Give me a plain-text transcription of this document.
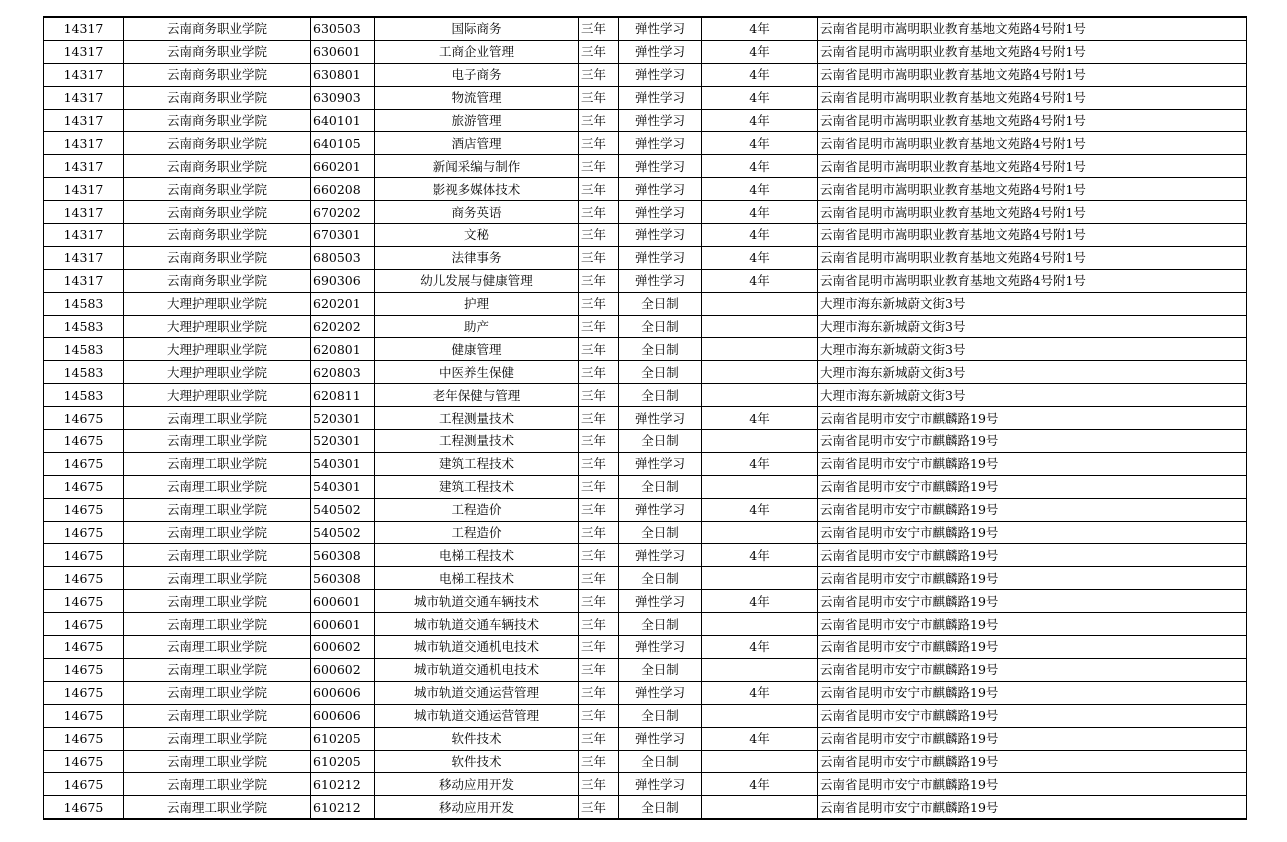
14317	云南商务职业学院	630503	国际商务	三年	弹性学习	4年	云南省昆明市嵩明职业教育基地文苑路4号附1号
14317	云南商务职业学院	630601	工商企业管理	三年	弹性学习	4年	云南省昆明市嵩明职业教育基地文苑路4号附1号
14317	云南商务职业学院	630801	电子商务	三年	弹性学习	4年	云南省昆明市嵩明职业教育基地文苑路4号附1号
14317	云南商务职业学院	630903	物流管理	三年	弹性学习	4年	云南省昆明市嵩明职业教育基地文苑路4号附1号
14317	云南商务职业学院	640101	旅游管理	三年	弹性学习	4年	云南省昆明市嵩明职业教育基地文苑路4号附1号
14317	云南商务职业学院	640105	酒店管理	三年	弹性学习	4年	云南省昆明市嵩明职业教育基地文苑路4号附1号
14317	云南商务职业学院	660201	新闻采编与制作	三年	弹性学习	4年	云南省昆明市嵩明职业教育基地文苑路4号附1号
14317	云南商务职业学院	660208	影视多媒体技术	三年	弹性学习	4年	云南省昆明市嵩明职业教育基地文苑路4号附1号
14317	云南商务职业学院	670202	商务英语	三年	弹性学习	4年	云南省昆明市嵩明职业教育基地文苑路4号附1号
14317	云南商务职业学院	670301	文秘	三年	弹性学习	4年	云南省昆明市嵩明职业教育基地文苑路4号附1号
14317	云南商务职业学院	680503	法律事务	三年	弹性学习	4年	云南省昆明市嵩明职业教育基地文苑路4号附1号
14317	云南商务职业学院	690306	幼儿发展与健康管理	三年	弹性学习	4年	云南省昆明市嵩明职业教育基地文苑路4号附1号
14583	大理护理职业学院	620201	护理	三年	全日制		大理市海东新城蔚文街3号
14583	大理护理职业学院	620202	助产	三年	全日制		大理市海东新城蔚文街3号
14583	大理护理职业学院	620801	健康管理	三年	全日制		大理市海东新城蔚文街3号
14583	大理护理职业学院	620803	中医养生保健	三年	全日制		大理市海东新城蔚文街3号
14583	大理护理职业学院	620811	老年保健与管理	三年	全日制		大理市海东新城蔚文街3号
14675	云南理工职业学院	520301	工程测量技术	三年	弹性学习	4年	云南省昆明市安宁市麒麟路19号
14675	云南理工职业学院	520301	工程测量技术	三年	全日制		云南省昆明市安宁市麒麟路19号
14675	云南理工职业学院	540301	建筑工程技术	三年	弹性学习	4年	云南省昆明市安宁市麒麟路19号
14675	云南理工职业学院	540301	建筑工程技术	三年	全日制		云南省昆明市安宁市麒麟路19号
14675	云南理工职业学院	540502	工程造价	三年	弹性学习	4年	云南省昆明市安宁市麒麟路19号
14675	云南理工职业学院	540502	工程造价	三年	全日制		云南省昆明市安宁市麒麟路19号
14675	云南理工职业学院	560308	电梯工程技术	三年	弹性学习	4年	云南省昆明市安宁市麒麟路19号
14675	云南理工职业学院	560308	电梯工程技术	三年	全日制		云南省昆明市安宁市麒麟路19号
14675	云南理工职业学院	600601	城市轨道交通车辆技术	三年	弹性学习	4年	云南省昆明市安宁市麒麟路19号
14675	云南理工职业学院	600601	城市轨道交通车辆技术	三年	全日制		云南省昆明市安宁市麒麟路19号
14675	云南理工职业学院	600602	城市轨道交通机电技术	三年	弹性学习	4年	云南省昆明市安宁市麒麟路19号
14675	云南理工职业学院	600602	城市轨道交通机电技术	三年	全日制		云南省昆明市安宁市麒麟路19号
14675	云南理工职业学院	600606	城市轨道交通运营管理	三年	弹性学习	4年	云南省昆明市安宁市麒麟路19号
14675	云南理工职业学院	600606	城市轨道交通运营管理	三年	全日制		云南省昆明市安宁市麒麟路19号
14675	云南理工职业学院	610205	软件技术	三年	弹性学习	4年	云南省昆明市安宁市麒麟路19号
14675	云南理工职业学院	610205	软件技术	三年	全日制		云南省昆明市安宁市麒麟路19号
14675	云南理工职业学院	610212	移动应用开发	三年	弹性学习	4年	云南省昆明市安宁市麒麟路19号
14675	云南理工职业学院	610212	移动应用开发	三年	全日制		云南省昆明市安宁市麒麟路19号
